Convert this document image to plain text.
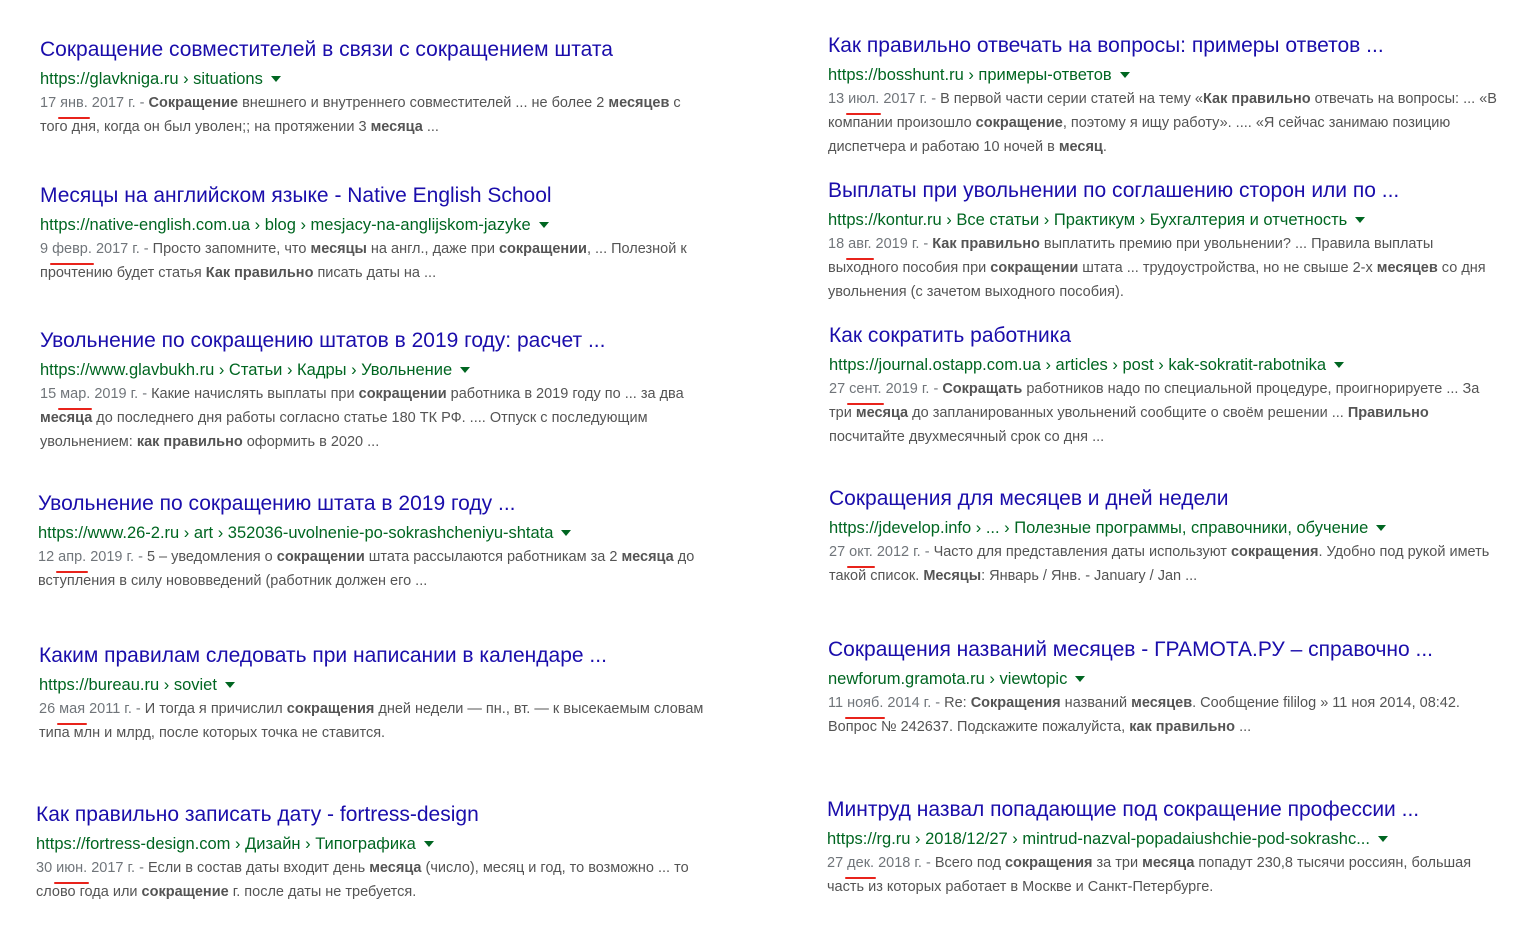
Сокращение совместителей в связи с сокращением штата
https://glavkniga.ru › situations
17 янв. 2017 г. - Сокращение внешнего и внутреннего совместителей ... не более 2 месяцев с того дня, когда он был уволен;; на протяжении 3 месяца ...
Месяцы на английском языке - Native English School
https://native-english.com.ua › blog › mesjacy-na-anglijskom-jazyke
9 февр. 2017 г. - Просто запомните, что месяцы на англ., даже при сокращении, ... Полезной к прочтению будет статья Как правильно писать даты на ...
Увольнение по сокращению штатов в 2019 году: расчет ...
https://www.glavbukh.ru › Статьи › Кадры › Увольнение
15 мар. 2019 г. - Какие начислять выплаты при сокращении работника в 2019 году по ... за два месяца до последнего дня работы согласно статье 180 ТК РФ. .... Отпуск с последующим увольнением: как правильно оформить в 2020 ...
Увольнение по сокращению штата в 2019 году ...
https://www.26-2.ru › art › 352036-uvolnenie-po-sokrashcheniyu-shtata
12 апр. 2019 г. - 5 – уведомления о сокращении штата рассылаются работникам за 2 месяца до вступления в силу нововведений (работник должен его ...
Каким правилам следовать при написании в календаре ...
https://bureau.ru › soviet
26 мая 2011 г. - И тогда я причислил сокращения дней недели — пн., вт. — к высекаемым словам типа млн и млрд, после которых точка не ставится.
Как правильно записать дату - fortress-design
https://fortress-design.com › Дизайн › Типографика
30 июн. 2017 г. - Если в состав даты входит день месяца (число), месяц и год, то возможно ... то слово года или сокращение г. после даты не требуется.
Как правильно отвечать на вопросы: примеры ответов ...
https://bosshunt.ru › примеры-ответов
13 июл. 2017 г. - В первой части серии статей на тему «Как правильно отвечать на вопросы: ... «В компании произошло сокращение, поэтому я ищу работу». .... «Я сейчас занимаю позицию диспетчера и работаю 10 ночей в месяц.
Выплаты при увольнении по соглашению сторон или по ...
https://kontur.ru › Все статьи › Практикум › Бухгалтерия и отчетность
18 авг. 2019 г. - Как правильно выплатить премию при увольнении? ... Правила выплаты выходного пособия при сокращении штата ... трудоустройства, но не свыше 2-х месяцев со дня увольнения (с зачетом выходного пособия).
Как сократить работника
https://journal.ostapp.com.ua › articles › post › kak-sokratit-rabotnika
27 сент. 2019 г. - Сокращать работников надо по специальной процедуре, проигнорируете ... За три месяца до запланированных увольнений сообщите о своём решении ... Правильно посчитайте двухмесячный срок со дня ...
Сокращения для месяцев и дней недели
https://jdevelop.info › ... › Полезные программы, справочники, обучение
27 окт. 2012 г. - Часто для представления даты используют сокращения. Удобно под рукой иметь такой список. Месяцы: Январь / Янв. - January / Jan ...
Сокращения названий месяцев - ГРАМОТА.РУ – справочно ...
newforum.gramota.ru › viewtopic
11 нояб. 2014 г. - Re: Сокращения названий месяцев. Сообщение fililog » 11 ноя 2014, 08:42. Вопрос № 242637. Подскажите пожалуйста, как правильно ...
Минтруд назвал попадающие под сокращение профессии ...
https://rg.ru › 2018/12/27 › mintrud-nazval-popadaiushchie-pod-sokrashc...
27 дек. 2018 г. - Всего под сокращения за три месяца попадут 230,8 тысячи россиян, большая часть из которых работает в Москве и Санкт-Петербурге.
